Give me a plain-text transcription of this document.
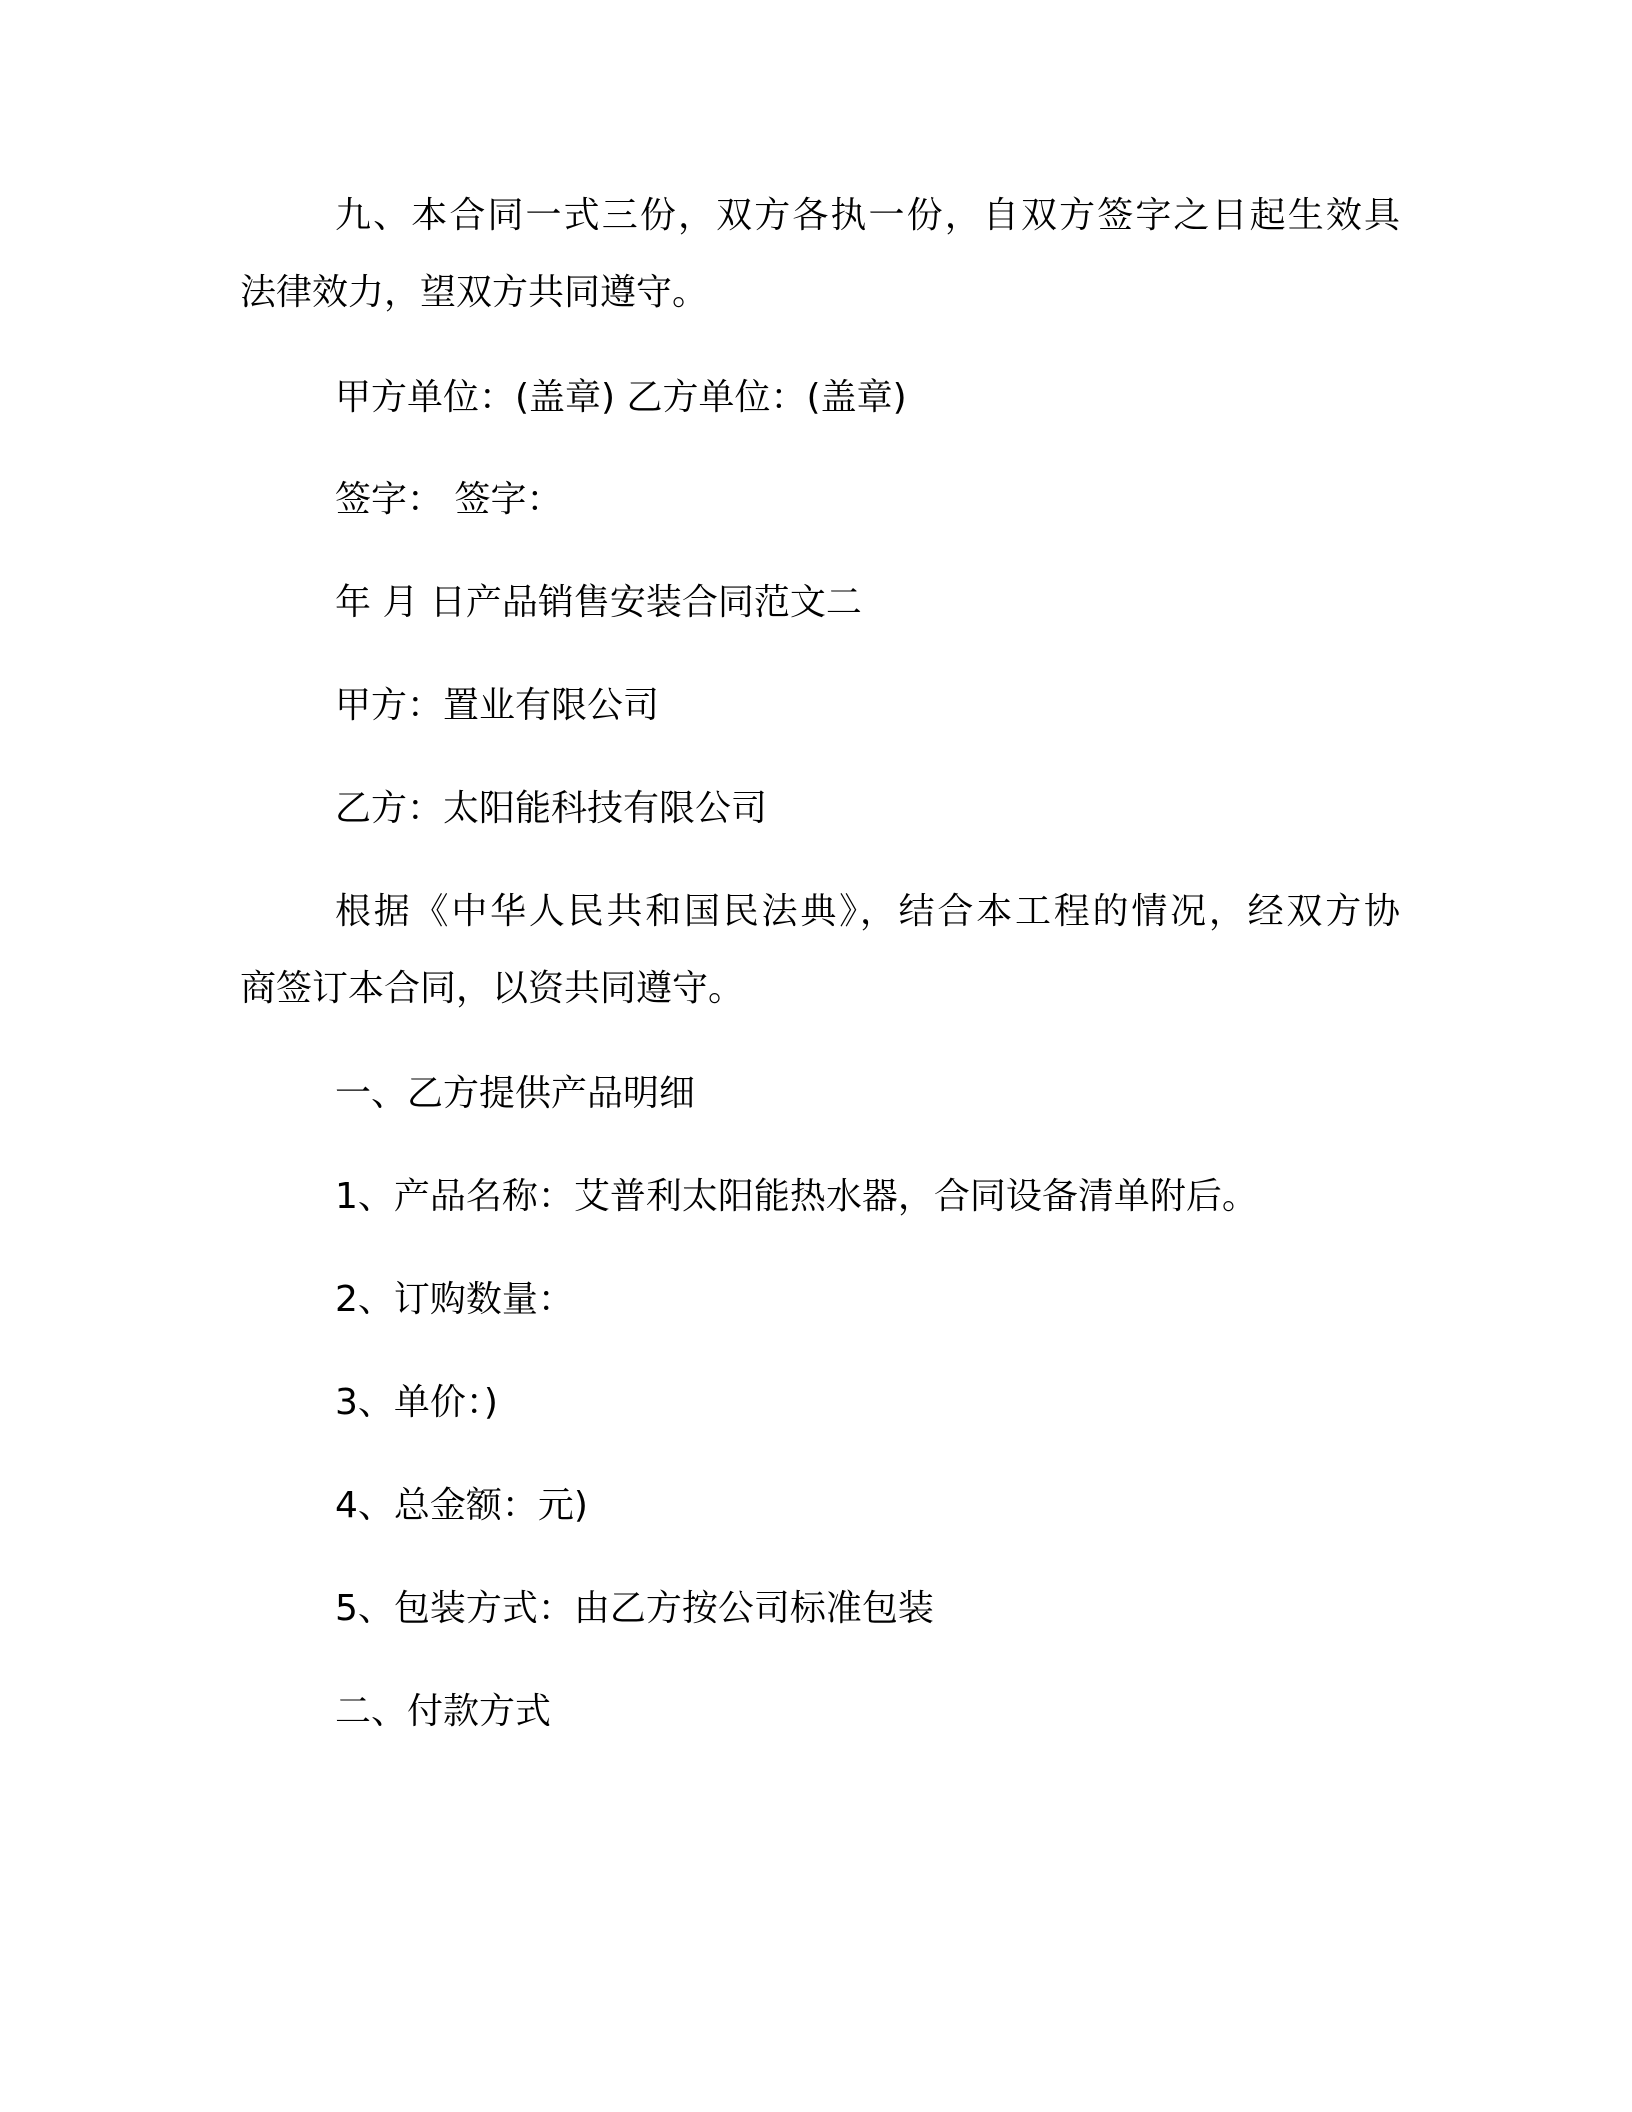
九、本合同一式三份，双方各执一份，自双方签字之日起生效具
法律效力，望双方共同遵守。
甲方单位：(盖章) 乙方单位：(盖章)
签字： 签字：
年 月 日产品销售安装合同范文二
甲方：置业有限公司
乙方：太阳能科技有限公司
根据《中华人民共和国民法典》，结合本工程的情况，经双方协
商签订本合同，以资共同遵守。
一、乙方提供产品明细
1、产品名称：艾普利太阳能热水器，合同设备清单附后。
2、订购数量：
3、单价：)
4、总金额：元)
5、包装方式：由乙方按公司标准包装
二、付款方式
